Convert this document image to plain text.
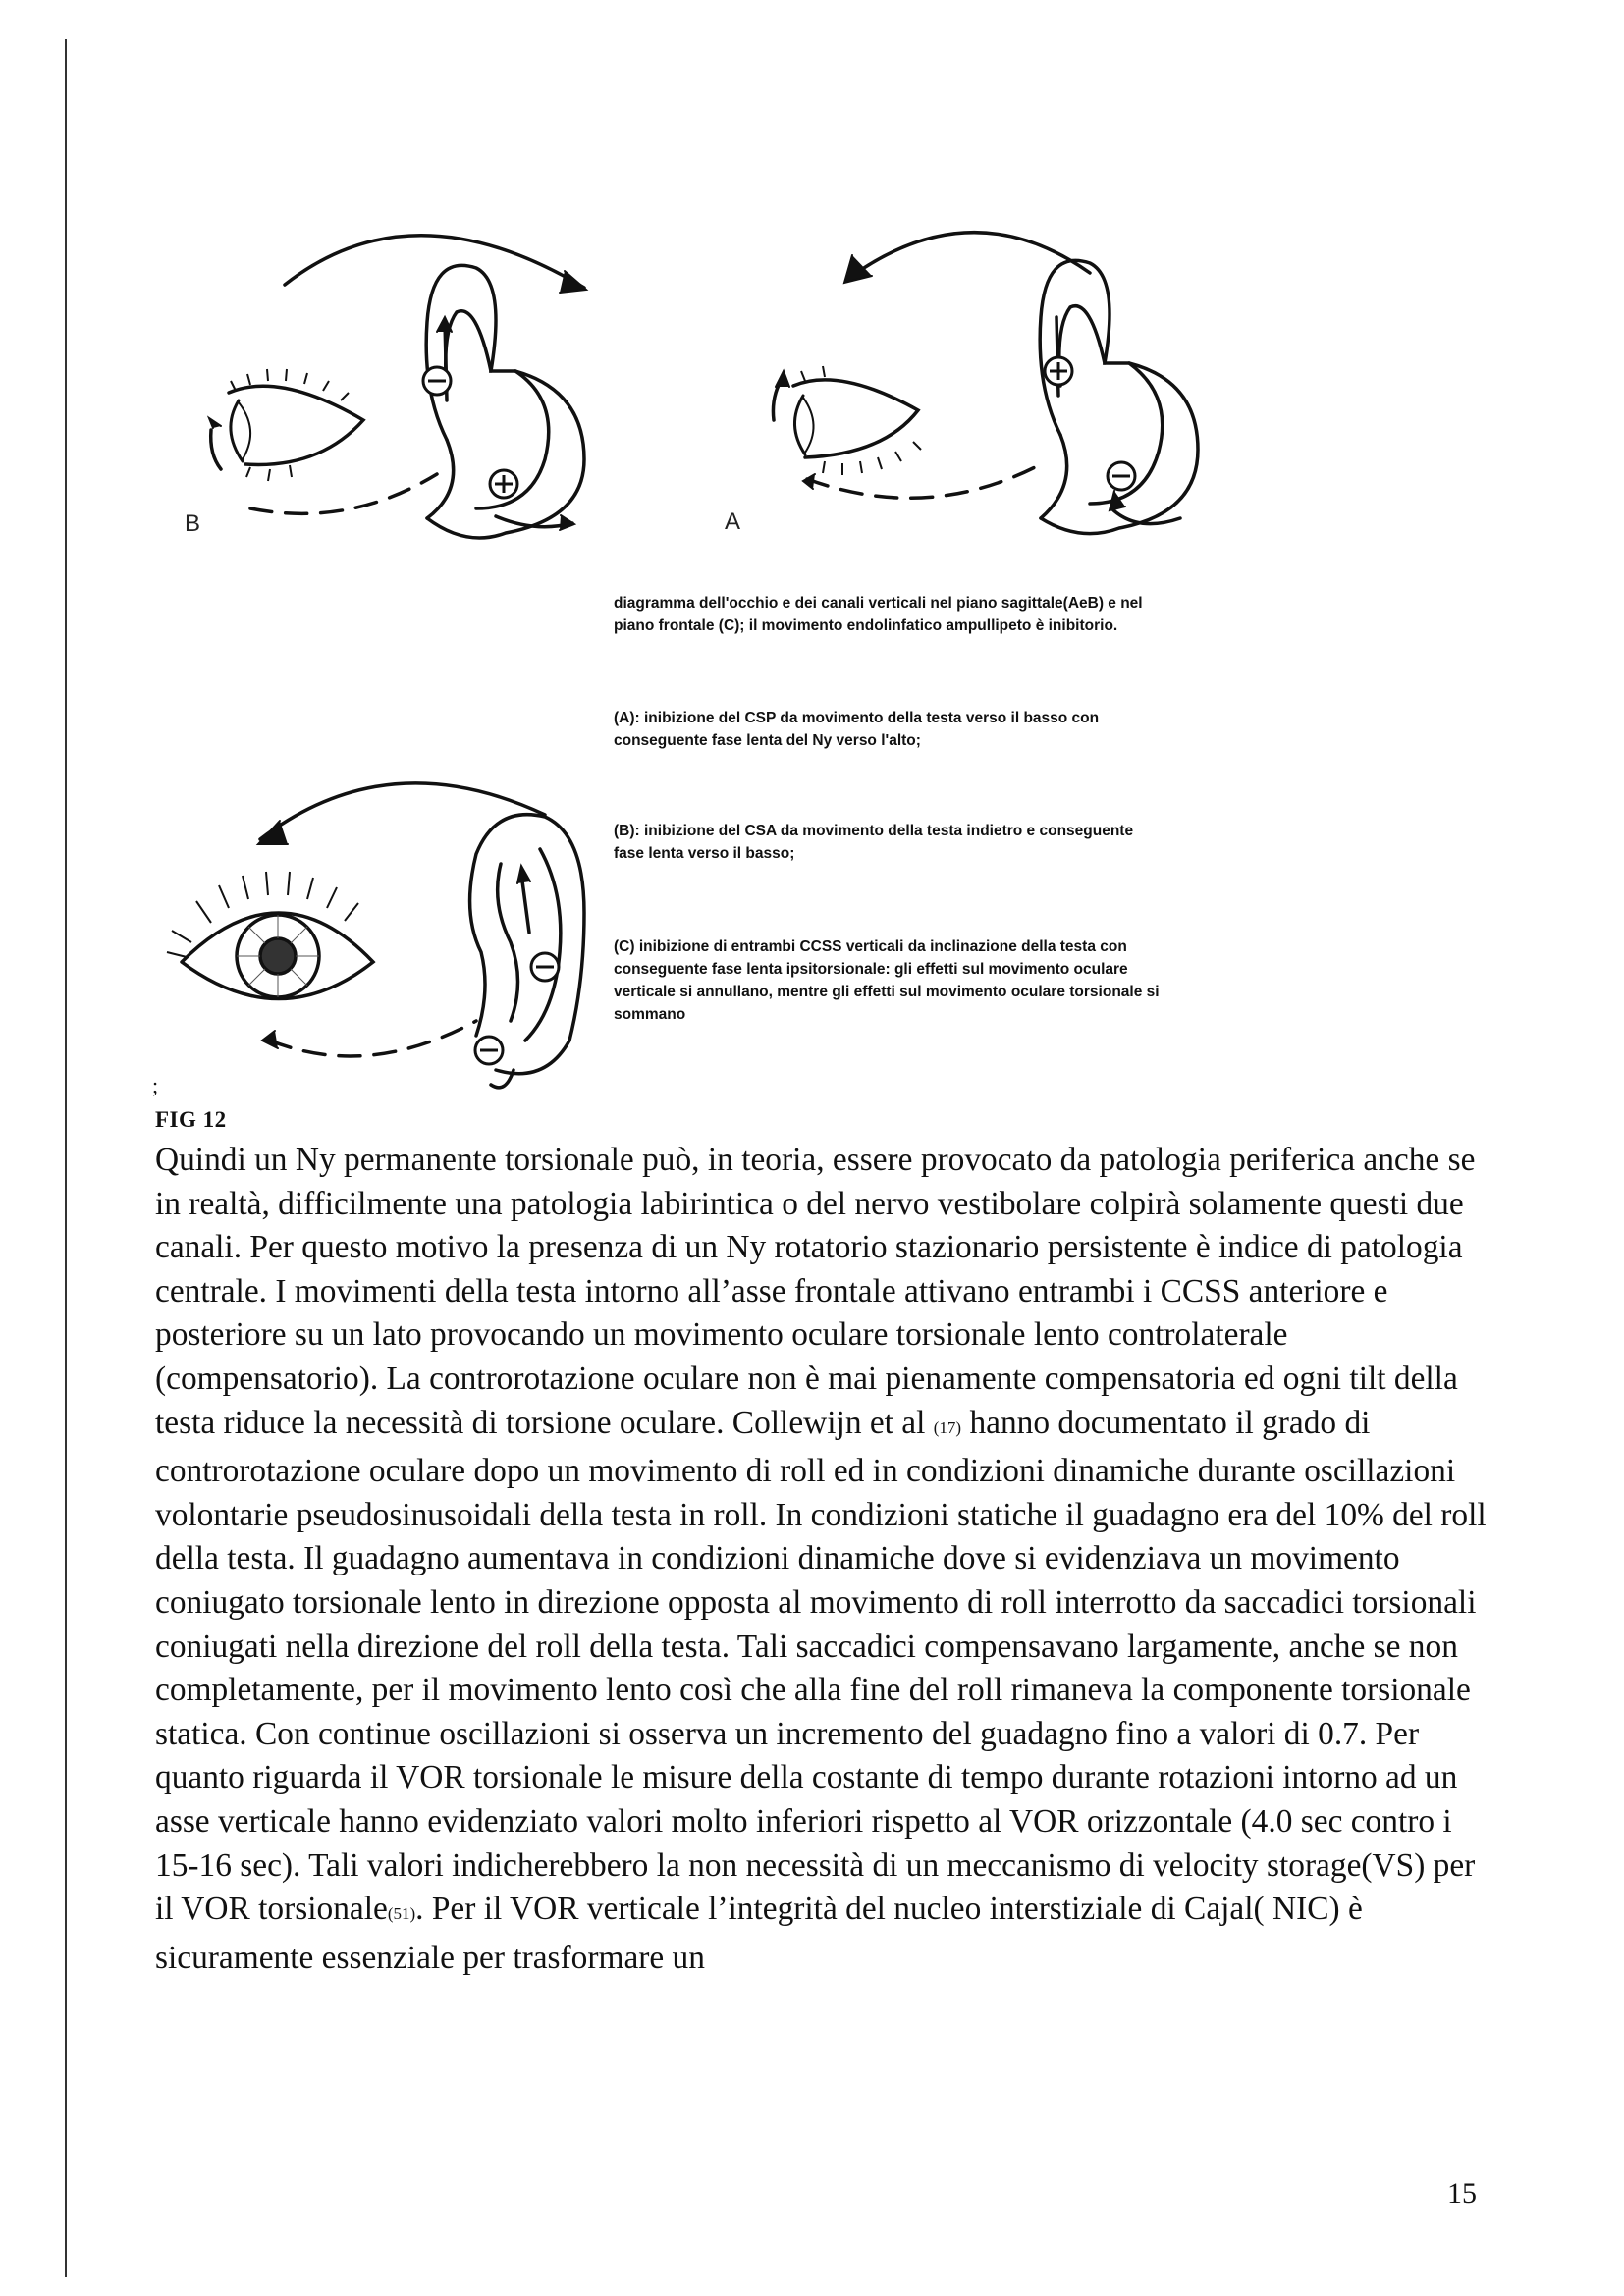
B	A

diagramma dell'occhio e dei canali verticali nel piano sagittale(AeB) e nel piano frontale (C); il movimento endolinfatico ampullipeto è inibitorio.

(A): inibizione del CSP da movimento della testa verso il basso con conseguente fase lenta del Ny verso l'alto;

(B): inibizione del CSA da movimento della testa indietro e conseguente fase lenta verso il basso;

(C) inibizione di entrambi CCSS verticali da inclinazione della testa con conseguente fase lenta ipsitorsionale: gli effetti sul movimento oculare verticale si annullano, mentre gli effetti sul movimento oculare torsionale si sommano

;
FIG 12

Quindi un Ny permanente torsionale può, in teoria, essere provocato da patologia periferica anche se in realtà, difficilmente una patologia labirintica o del nervo vestibolare colpirà solamente questi due canali. Per questo motivo la presenza di un Ny rotatorio stazionario persistente è indice di patologia centrale. I movimenti della testa intorno all’asse frontale attivano entrambi i CCSS anteriore e posteriore su un lato provocando un movimento oculare torsionale lento controlaterale (compensatorio). La controrotazione oculare non è mai pienamente compensatoria ed ogni tilt della testa riduce la necessità di torsione oculare. Collewijn et al (17) hanno documentato il grado di controrotazione oculare dopo un movimento di roll ed in condizioni dinamiche durante oscillazioni volontarie pseudosinusoidali della testa in roll. In condizioni statiche il guadagno era del 10% del roll della testa. Il guadagno aumentava in condizioni dinamiche dove si evidenziava un movimento coniugato torsionale lento in direzione opposta al movimento di roll interrotto da saccadici torsionali coniugati nella direzione del roll della testa. Tali saccadici compensavano largamente, anche se non completamente, per il movimento lento così che alla fine del roll rimaneva la componente torsionale statica. Con continue oscillazioni si osserva un incremento del guadagno fino a valori di 0.7. Per quanto riguarda il VOR torsionale le misure della costante di tempo durante rotazioni intorno ad un asse verticale hanno evidenziato valori molto inferiori rispetto al VOR orizzontale (4.0 sec contro i 15-16 sec). Tali valori indicherebbero la non necessità di un meccanismo di velocity storage(VS) per il VOR torsionale(51). Per il VOR verticale l’integrità del nucleo interstiziale di Cajal( NIC) è sicuramente essenziale per trasformare un

15
